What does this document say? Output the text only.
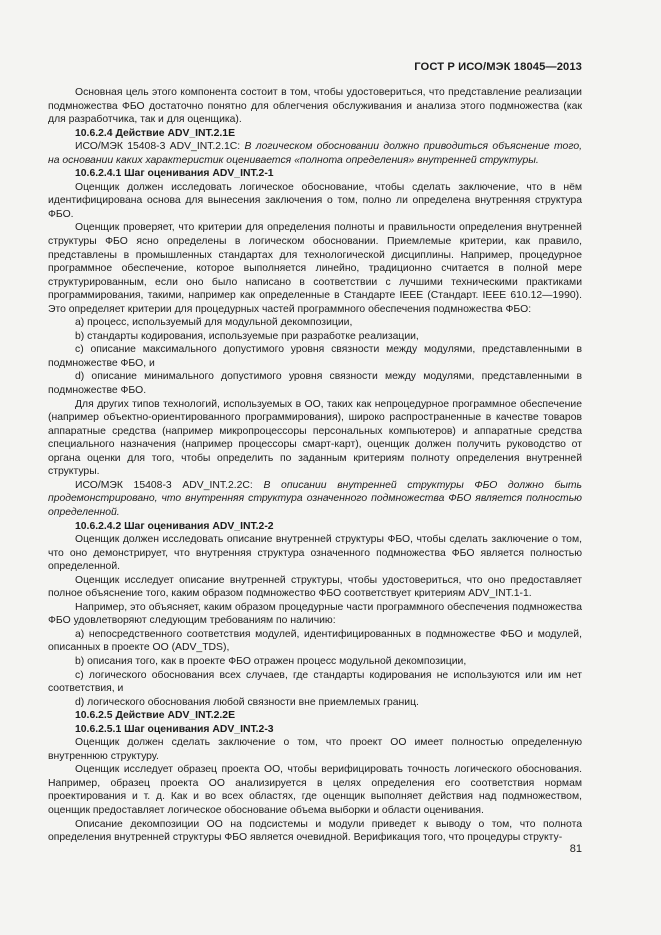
ГОСТ Р ИСО/МЭК 18045—2013
Основная цель этого компонента состоит в том, чтобы удостовериться, что представление реализации подмножества ФБО достаточно понятно для облегчения обслуживания и анализа этого подмножества (как для разработчика, так и для оценщика).
10.6.2.4 Действие ADV_INT.2.1E
ИСО/МЭК 15408-3 ADV_INT.2.1C: В логическом обосновании должно приводиться объяснение того, на основании каких характеристик оценивается «полнота определения» внутренней структуры.
10.6.2.4.1 Шаг оценивания ADV_INT.2-1
Оценщик должен исследовать логическое обоснование, чтобы сделать заключение, что в нём идентифицирована основа для вынесения заключения о том, полно ли определена внутренняя структура ФБО.
Оценщик проверяет, что критерии для определения полноты и правильности определения внутренней структуры ФБО ясно определены в логическом обосновании. Приемлемые критерии, как правило, представлены в промышленных стандартах для технологической дисциплины. Например, процедурное программное обеспечение, которое выполняется линейно, традиционно считается в полной мере структурированным, если оно было написано в соответствии с лучшими техническими практиками программирования, такими, например как определенные в Стандарте IEEE (Стандарт. IEEE 610.12—1990). Это определяет критерии для процедурных частей программного обеспечения подмножества ФБО:
a) процесс, используемый для модульной декомпозиции,
b) стандарты кодирования, используемые при разработке реализации,
c) описание максимального допустимого уровня связности между модулями, представленными в подмножестве ФБО, и
d) описание минимального допустимого уровня связности между модулями, представленными в подмножестве ФБО.
Для других типов технологий, используемых в ОО, таких как непроцедурное программное обеспечение (например объектно-ориентированного программирования), широко распространенные в качестве товаров аппаратные средства (например микропроцессоры персональных компьютеров) и аппаратные средства специального назначения (например процессоры смарт-карт), оценщик должен получить руководство от органа оценки для того, чтобы определить по заданным критериям полноту определения внутренней структуры.
ИСО/МЭК 15408-3 ADV_INT.2.2C: В описании внутренней структуры ФБО должно быть продемонстрировано, что внутренняя структура означенного подмножества ФБО является полностью определенной.
10.6.2.4.2 Шаг оценивания ADV_INT.2-2
Оценщик должен исследовать описание внутренней структуры ФБО, чтобы сделать заключение о том, что оно демонстрирует, что внутренняя структура означенного подмножества ФБО является полностью определенной.
Оценщик исследует описание внутренней структуры, чтобы удостовериться, что оно предоставляет полное объяснение того, каким образом подмножество ФБО соответствует критериям ADV_INT.1-1.
Например, это объясняет, каким образом процедурные части программного обеспечения подмножества ФБО удовлетворяют следующим требованиям по наличию:
a) непосредственного соответствия модулей, идентифицированных в подмножестве ФБО и модулей, описанных в проекте ОО (ADV_TDS),
b) описания того, как в проекте ФБО отражен процесс модульной декомпозиции,
c) логического обоснования всех случаев, где стандарты кодирования не используются или им нет соответствия, и
d) логического обоснования любой связности вне приемлемых границ.
10.6.2.5 Действие ADV_INT.2.2E
10.6.2.5.1 Шаг оценивания ADV_INT.2-3
Оценщик должен сделать заключение о том, что проект ОО имеет полностью определенную внутреннюю структуру.
Оценщик исследует образец проекта ОО, чтобы верифицировать точность логического обоснования. Например, образец проекта ОО анализируется в целях определения его соответствия нормам проектирования и т. д. Как и во всех областях, где оценщик выполняет действия над подмножеством, оценщик предоставляет логическое обоснование объема выборки и области оценивания.
Описание декомпозиции ОО на подсистемы и модули приведет к выводу о том, что полнота определения внутренней структуры ФБО является очевидной. Верификация того, что процедуры структу-
81
